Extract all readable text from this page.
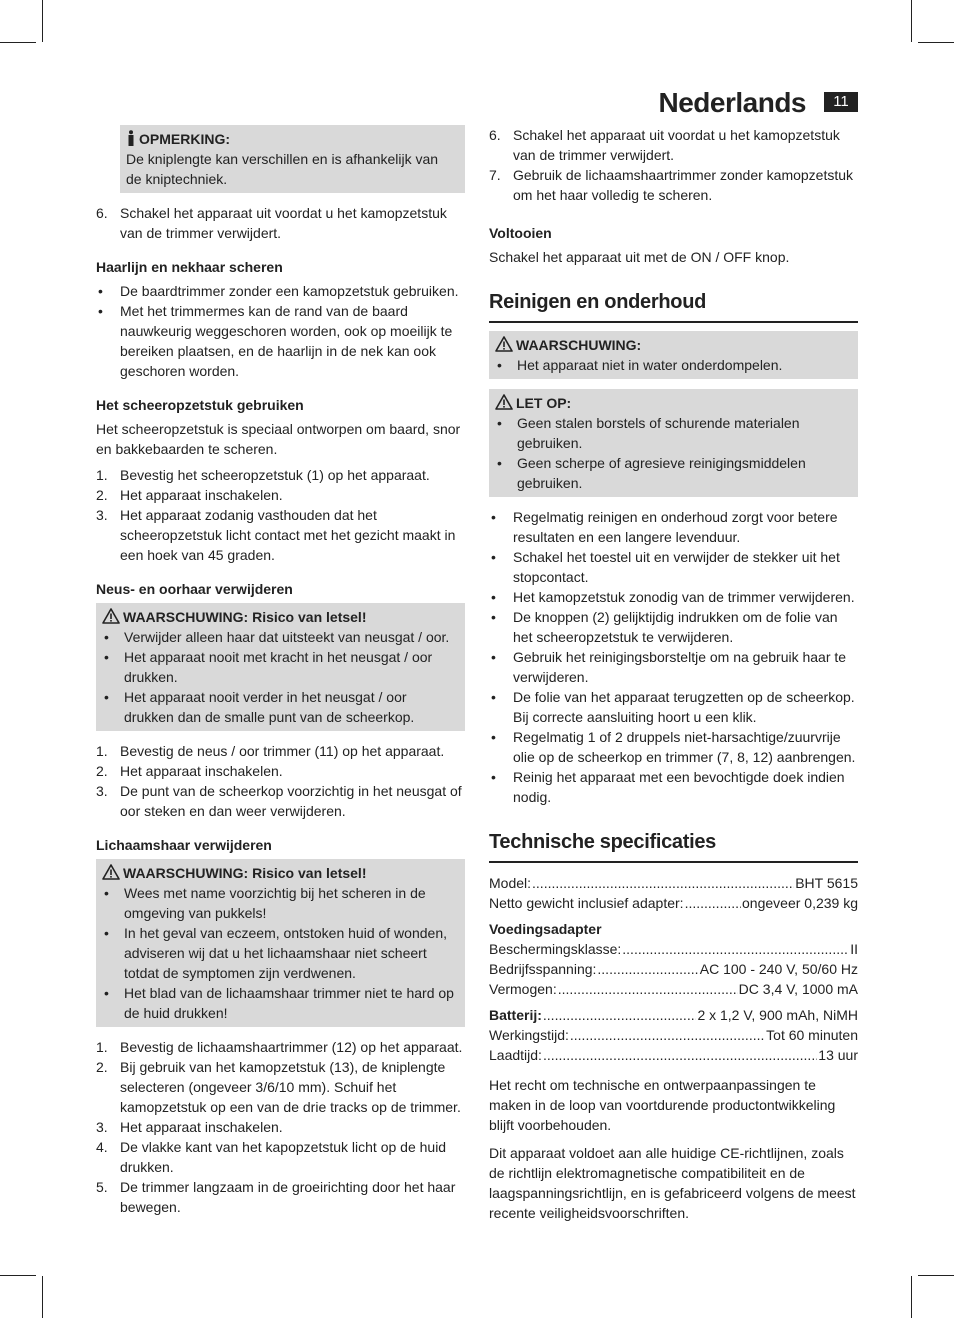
Nederlands	11
OPMERKING:

De kniplengte kan verschillen en is afhankelijk van de kniptechniek.

6. Schakel het apparaat uit voordat u het kamopzetstuk van de trimmer verwijdert.
Haarlijn en nekhaar scheren
• De baardtrimmer zonder een kamopzetstuk gebruiken.
• Met het trimmermes kan de rand van de baard nauwkeurig weggeschoren worden, ook op moeilijk te bereiken plaatsen, en de haarlijn in de nek kan ook geschoren worden.
Het scheeropzetstuk gebruiken

Het scheeropzetstuk is speciaal ontworpen om baard, snor en bakkebaarden te scheren.

1. Bevestig het scheeropzetstuk (1) op het apparaat.
2. Het apparaat inschakelen.
3. Het apparaat zodanig vasthouden dat het scheeropzetstuk licht contact met het gezicht maakt in een hoek van 45 graden.
Neus- en oorhaar verwijderen
WAARSCHUWING: Risico van letsel!
• Verwijder alleen haar dat uitsteekt van neusgat / oor.
• Het apparaat nooit met kracht in het neusgat / oor drukken.
• Het apparaat nooit verder in het neusgat / oor drukken dan de smalle punt van de scheerkop.
1. Bevestig de neus / oor trimmer (11) op het apparaat.
2. Het apparaat inschakelen.
3. De punt van de scheerkop voorzichtig in het neusgat of oor steken en dan weer verwijderen.
Lichaamshaar verwijderen
WAARSCHUWING: Risico van letsel!
• Wees met name voorzichtig bij het scheren in de omgeving van pukkels!
• In het geval van eczeem, ontstoken huid of wonden, adviseren wij dat u het lichaamshaar niet scheert totdat de symptomen zijn verdwenen.
• Het blad van de lichaamshaar trimmer niet te hard op de huid drukken!
1. Bevestig de lichaamshaartrimmer (12) op het apparaat.
2. Bij gebruik van het kamopzetstuk (13), de kniplengte selecteren (ongeveer 3/6/10 mm). Schuif het kamopzetstuk op een van de drie tracks op de trimmer.
3. Het apparaat inschakelen.
4. De vlakke kant van het kapopzetstuk licht op de huid drukken.
5. De trimmer langzaam in de groeirichting door het haar bewegen.
6. Schakel het apparaat uit voordat u het kamopzetstuk van de trimmer verwijdert.
7. Gebruik de lichaamshaartrimmer zonder kamopzetstuk om het haar volledig te scheren.
Voltooien

Schakel het apparaat uit met de ON / OFF knop.

Reinigen en onderhoud
WAARSCHUWING:
• Het apparaat niet in water onderdompelen.
LET OP:
• Geen stalen borstels of schurende materialen gebruiken.
• Geen scherpe of agresieve reinigingsmiddelen gebruiken.
• Regelmatig reinigen en onderhoud zorgt voor betere resultaten en een langere levenduur.
• Schakel het toestel uit en verwijder de stekker uit het stopcontact.
• Het kamopzetstuk zonodig van de trimmer verwijderen.
• De knoppen (2) gelijktijdig indrukken om de folie van het scheeropzetstuk te verwijderen.
• Gebruik het reinigingsborsteltje om na gebruik haar te verwijderen.
• De folie van het apparaat terugzetten op de scheerkop. Bij correcte aansluiting hoort u een klik.
• Regelmatig 1 of 2 druppels niet-harsachtige/zuurvrije olie op de scheerkop en trimmer (7, 8, 12) aanbrengen.
• Reinig het apparaat met een bevochtigde doek indien nodig.
Technische specificaties
Model: .....	BHT 5615
Netto gewicht inclusief adapter: .....	ongeveer 0,239 kg
Voedingsadapter
Beschermingsklasse: .....	II
Bedrijfsspanning: .....	AC 100 - 240 V, 50/60 Hz
Vermogen: .....	DC 3,4 V, 1000 mA
Batterij: .....	2 x 1,2 V, 900 mAh, NiMH
Werkingstijd: .....	Tot 60 minuten
Laadtijd: .....	13 uur

Het recht om technische en ontwerpaanpassingen te maken in de loop van voortdurende productontwikkeling blijft voorbehouden.

Dit apparaat voldoet aan alle huidige CE-richtlijnen, zoals de richtlijn elektromagnetische compatibiliteit en de laagspanningsrichtlijn, en is gefabriceerd volgens de meest recente veiligheidsvoorschriften.
